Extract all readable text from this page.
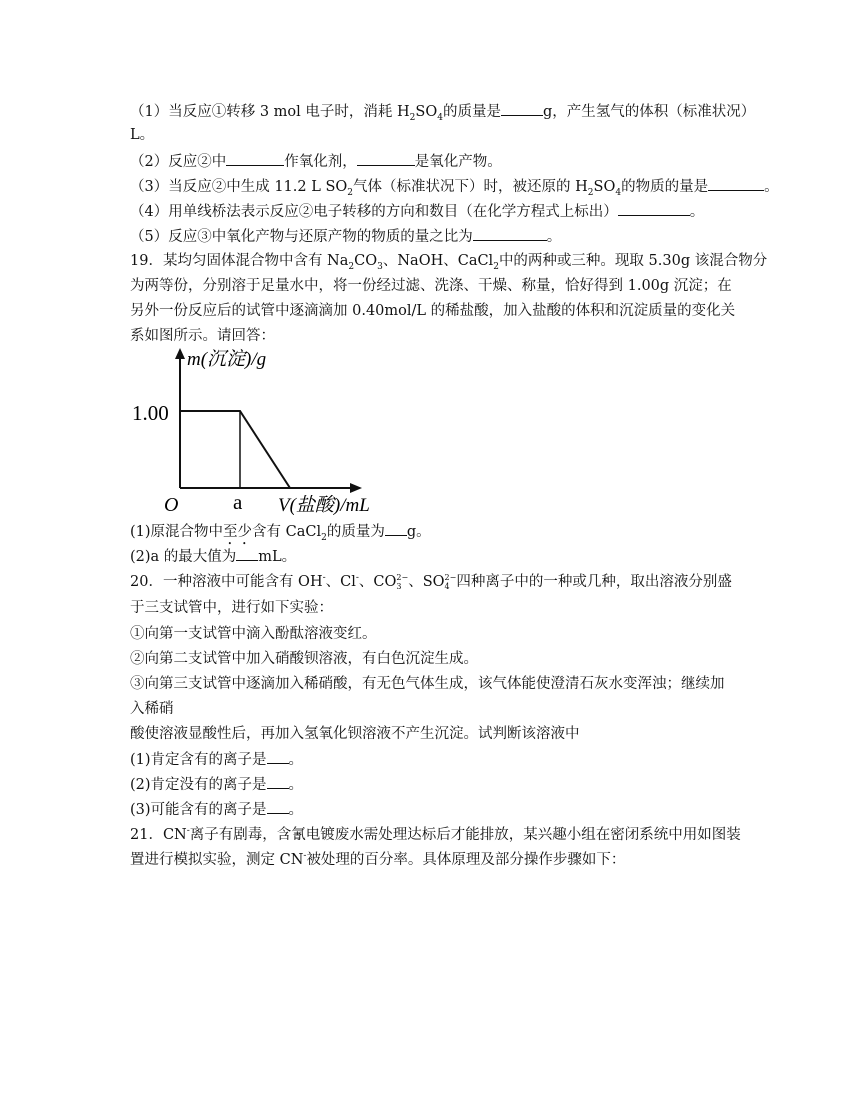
（1）当反应①转移 3 mol 电子时，消耗 $H_2SO_4$的质量是	g，产生氢气的体积（标准状况）
L。
（2）反应②中	作氧化剂，	是氧化产物。
（3）当反应②中生成 11.2 L $SO_2$气体（标准状况下）时，被还原的 $H_2SO_4$的物质的量是	。
（4）用单线桥法表示反应②电子转移的方向和数目（在化学方程式上标出）	。
（5）反应③中氧化产物与还原产物的物质的量之比为	。
19．某均匀固体混合物中含有 $Na_2CO_3$、NaOH、CaCl$_2$中的两种或三种。现取 5.30g 该混合物分
为两等份，分别溶于足量水中，将一份经过滤、洗涤、干燥、称量，恰好得到 1.00g 沉淀；在
另外一份反应后的试管中逐滴滴加 0.40mol/L 的稀盐酸，加入盐酸的体积和沉淀质量的变化关
系如图所示。请回答：
m(沉淀)/g
1.00
O	a V(盐酸)/mL
(1)原混合物中至少含有 CaCl$_2$的质量为 g。
(2)a 的最大值为 mL。
20．一种溶液中可能含有 OH-、Cl-、CO2−
3 、SO2−
4 四种离子中的一种或几种，取出溶液分别盛
于三支试管中，进行如下实验：
①向第一支试管中滴入酚酞溶液变红。
②向第二支试管中加入硝酸钡溶液，有白色沉淀生成。
③向第三支试管中逐滴加入稀硝酸，有无色气体生成，该气体能使澄清石灰水变浑浊；继续加
入稀硝
酸使溶液显酸性后，再加入氢氧化钡溶液不产生沉淀。试判断该溶液中
(1)肯定含有的离子是 。
(2)肯定没有的离子是 。
(3)可能含有的离子是 。
21．CN-离子有剧毒，含氰电镀废水需处理达标后才能排放，某兴趣小组在密闭系统中用如图装
置进行模拟实验，测定 CN-被处理的百分率。具体原理及部分操作步骤如下：
